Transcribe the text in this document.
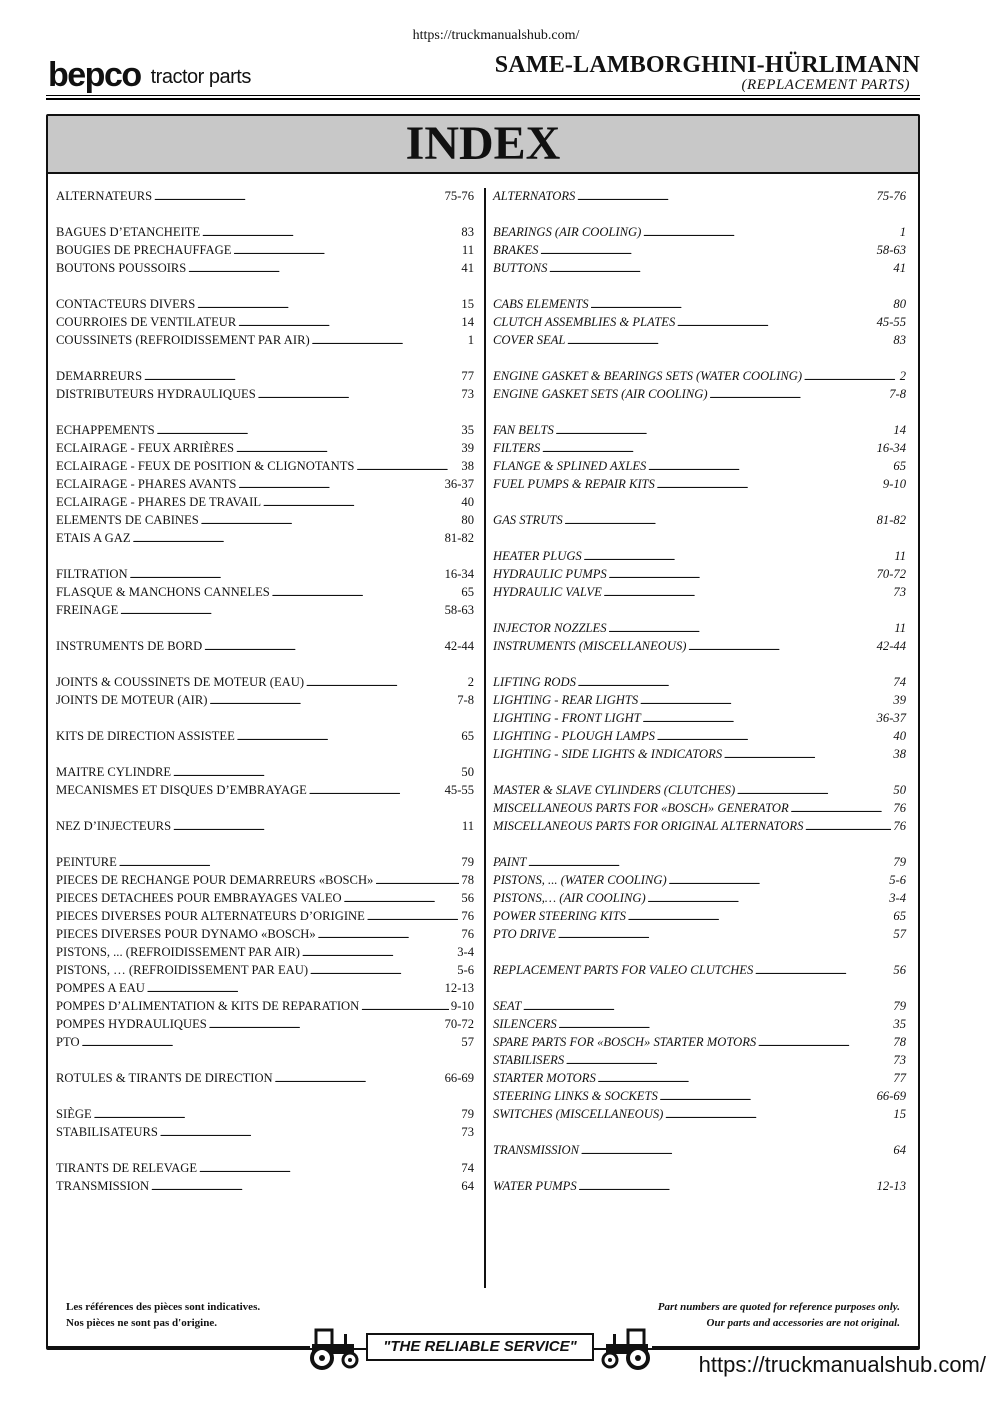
https://truckmanualshub.com/
bepco tractor parts	SAME-LAMBORGHINI-HÜRLIMANN
(REPLACEMENT PARTS)
INDEX
ALTERNATEURS . . .	75-76
BAGUES D’ETANCHEITE . . .	83
BOUGIES DE PRECHAUFFAGE . . .	11
BOUTONS POUSSOIRS . . .	41
CONTACTEURS DIVERS . . .	15
COURROIES DE VENTILATEUR . . .	14
COUSSINETS (REFROIDISSEMENT PAR AIR) . . .	1
DEMARREURS . . .	77
DISTRIBUTEURS HYDRAULIQUES . . .	73
ECHAPPEMENTS . . .	35
ECLAIRAGE - FEUX ARRIÈRES . . .	39
ECLAIRAGE - FEUX DE POSITION & CLIGNOTANTS . . .	38
ECLAIRAGE - PHARES AVANTS . . .	36-37
ECLAIRAGE - PHARES DE TRAVAIL . . .	40
ELEMENTS DE CABINES . . .	80
ETAIS A GAZ . . .	81-82
FILTRATION . . .	16-34
FLASQUE & MANCHONS CANNELES . . .	65
FREINAGE . . .	58-63
INSTRUMENTS DE BORD . . .	42-44
JOINTS & COUSSINETS DE MOTEUR (EAU) . . .	2
JOINTS DE MOTEUR (AIR) . . .	7-8
KITS DE DIRECTION ASSISTEE . . .	65
MAITRE CYLINDRE . . .	50
MECANISMES ET DISQUES D’EMBRAYAGE . . .	45-55
NEZ D’INJECTEURS . . .	11
PEINTURE . . .	79
PIECES DE RECHANGE POUR DEMARREURS «BOSCH» . . .	78
PIECES DETACHEES POUR EMBRAYAGES VALEO . . .	56
PIECES DIVERSES POUR ALTERNATEURS D’ORIGINE . . .	76
PIECES DIVERSES POUR DYNAMO «BOSCH» . . .	76
PISTONS, ... (REFROIDISSEMENT PAR AIR) . . .	3-4
PISTONS, … (REFROIDISSEMENT PAR EAU) . . .	5-6
POMPES A EAU . . .	12-13
POMPES D’ALIMENTATION & KITS DE REPARATION . . .	9-10
POMPES HYDRAULIQUES . . .	70-72
PTO . . .	57
ROTULES & TIRANTS DE DIRECTION . . .	66-69
SIÈGE . . .	79
STABILISATEURS . . .	73
TIRANTS DE RELEVAGE . . .	74
TRANSMISSION . . .	64
ALTERNATORS . . .	75-76
BEARINGS (AIR COOLING) . . .	1
BRAKES . . .	58-63
BUTTONS . . .	41
CABS ELEMENTS . . .	80
CLUTCH ASSEMBLIES & PLATES . . .	45-55
COVER SEAL . . .	83
ENGINE GASKET & BEARINGS SETS (WATER COOLING) . . .	2
ENGINE GASKET SETS (AIR COOLING) . . .	7-8
FAN BELTS . . .	14
FILTERS . . .	16-34
FLANGE & SPLINED AXLES . . .	65
FUEL PUMPS & REPAIR KITS . . .	9-10
GAS STRUTS . . .	81-82
HEATER PLUGS . . .	11
HYDRAULIC PUMPS . . .	70-72
HYDRAULIC VALVE . . .	73
INJECTOR NOZZLES . . .	11
INSTRUMENTS (MISCELLANEOUS) . . .	42-44
LIFTING RODS . . .	74
LIGHTING - REAR LIGHTS . . .	39
LIGHTING - FRONT LIGHT . . .	36-37
LIGHTING - PLOUGH LAMPS . . .	40
LIGHTING - SIDE LIGHTS & INDICATORS . . .	38
MASTER & SLAVE CYLINDERS (CLUTCHES) . . .	50
MISCELLANEOUS PARTS FOR «BOSCH» GENERATOR . . .	76
MISCELLANEOUS PARTS FOR ORIGINAL ALTERNATORS . . .	76
PAINT . . .	79
PISTONS, ... (WATER COOLING) . . .	5-6
PISTONS,… (AIR COOLING) . . .	3-4
POWER STEERING KITS . . .	65
PTO DRIVE . . .	57
REPLACEMENT PARTS FOR VALEO CLUTCHES . . .	56
SEAT . . .	79
SILENCERS . . .	35
SPARE PARTS FOR «BOSCH» STARTER MOTORS . . .	78
STABILISERS . . .	73
STARTER MOTORS . . .	77
STEERING LINKS & SOCKETS . . .	66-69
SWITCHES (MISCELLANEOUS) . . .	15
TRANSMISSION . . .	64
WATER PUMPS . . .	12-13
Les références des pièces sont indicatives.
Nos pièces ne sont pas d'origine.
Part numbers are quoted for reference purposes only.
Our parts and accessories are not original.
"THE RELIABLE SERVICE"
https://truckmanualshub.com/
